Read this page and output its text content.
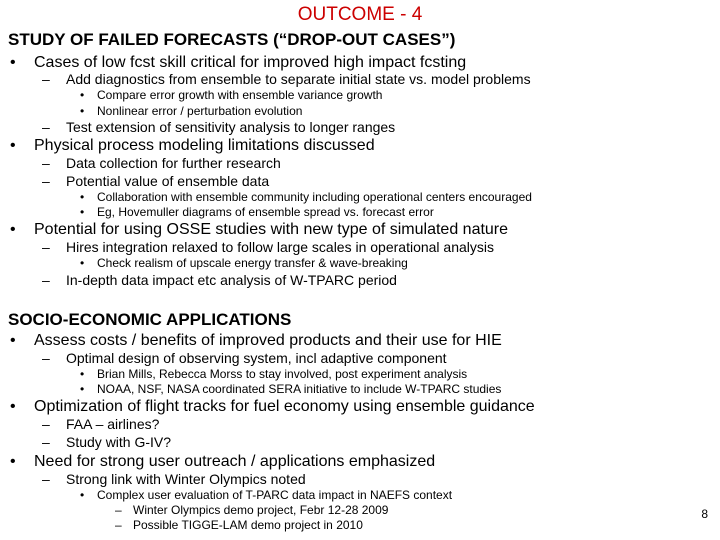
OUTCOME - 4
STUDY OF FAILED FORECASTS (“DROP-OUT CASES”)
• Cases of low fcst skill critical for improved high impact fcsting
– Add diagnostics from ensemble to separate initial state vs. model problems
• Compare error growth with ensemble variance growth
• Nonlinear error / perturbation evolution
– Test extension of sensitivity analysis to longer ranges
• Physical process modeling limitations discussed
– Data collection for further research
– Potential value of ensemble data
• Collaboration with ensemble community including operational centers encouraged
• Eg, Hovemuller diagrams of ensemble spread vs. forecast error
• Potential for using OSSE studies with new type of simulated nature
– Hires integration relaxed to follow large scales in operational analysis
• Check realism of upscale energy transfer & wave-breaking
– In-depth data impact etc analysis of W-TPARC period
SOCIO-ECONOMIC APPLICATIONS
• Assess costs / benefits of improved products and their use for HIE
– Optimal design of observing system, incl adaptive component
• Brian Mills, Rebecca Morss to stay involved, post experiment analysis
• NOAA, NSF, NASA coordinated SERA initiative to include W-TPARC studies
• Optimization of flight tracks for fuel economy using ensemble guidance
– FAA – airlines?
– Study with G-IV?
• Need for strong user outreach / applications emphasized
– Strong link with Winter Olympics noted
• Complex user evaluation of T-PARC data impact in NAEFS context
– Winter Olympics demo project, Febr 12-28 2009
– Possible TIGGE-LAM demo project in 2010
8
